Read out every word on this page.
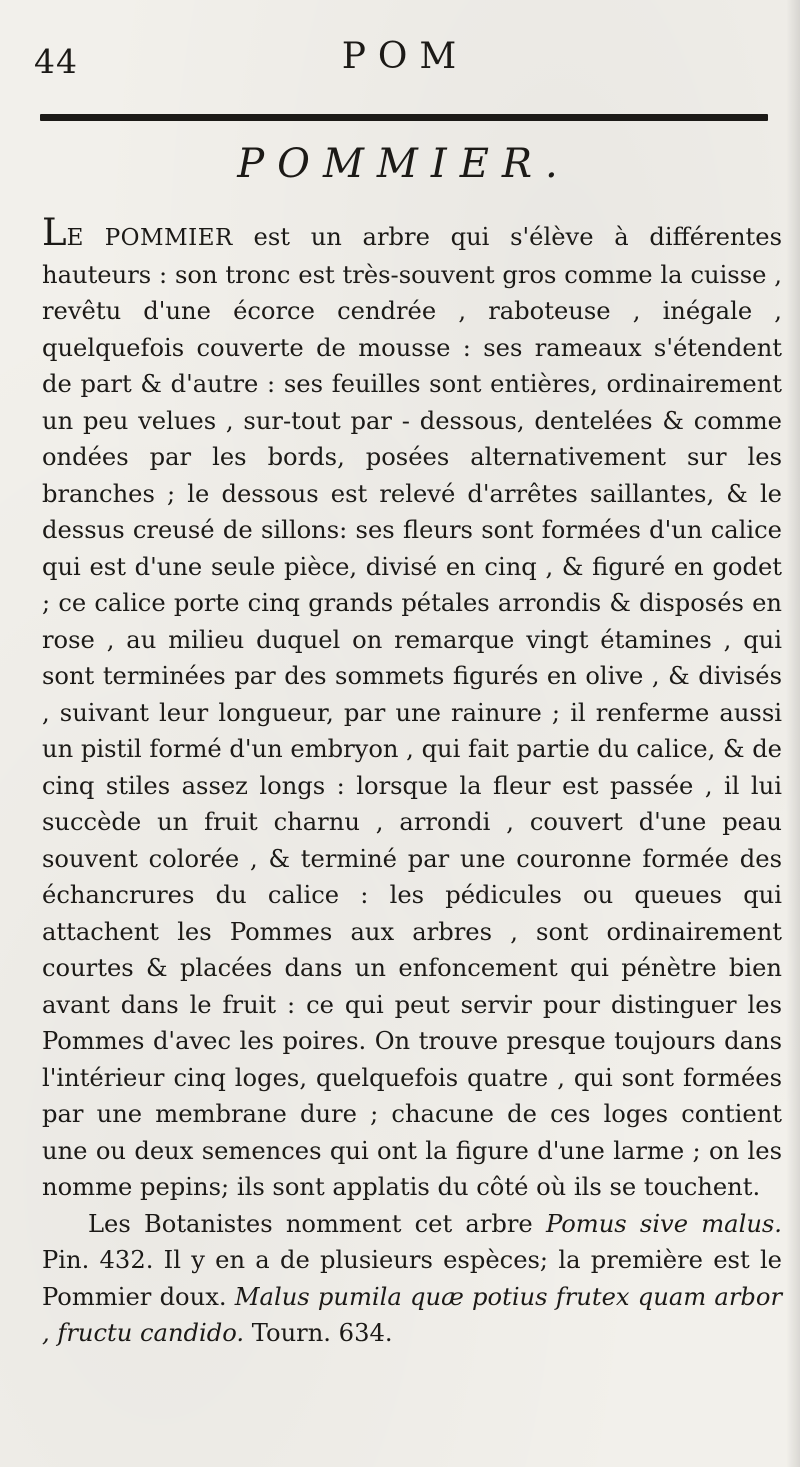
44	POM
POMMIER.

LE POMMIER est un arbre qui s'élève à différentes hauteurs : son tronc est très-souvent gros comme la cuisse , revêtu d'une écorce cendrée , raboteuse , inégale , quelquefois couverte de mousse : ses rameaux s'étendent de part & d'autre : ses feuilles sont entières, ordinairement un peu velues , sur-tout par - dessous, dentelées & comme ondées par les bords, posées alternativement sur les branches ; le dessous est relevé d'arrêtes saillantes, & le dessus creusé de sillons: ses fleurs sont formées d'un calice qui est d'une seule pièce, divisé en cinq , & figuré en godet ; ce calice porte cinq grands pétales arrondis & disposés en rose , au milieu duquel on remarque vingt étamines , qui sont terminées par des sommets figurés en olive , & divisés , suivant leur longueur, par une rainure ; il renferme aussi un pistil formé d'un embryon , qui fait partie du calice, & de cinq stiles assez longs : lorsque la fleur est passée , il lui succède un fruit charnu , arrondi , couvert d'une peau souvent colorée , & terminé par une couronne formée des échancrures du calice : les pédicules ou queues qui attachent les Pommes aux arbres , sont ordinairement courtes & placées dans un enfoncement qui pénètre bien avant dans le fruit : ce qui peut servir pour distinguer les Pommes d'avec les poires. On trouve presque toujours dans l'intérieur cinq loges, quelquefois quatre , qui sont formées par une membrane dure ; chacune de ces loges contient une ou deux semences qui ont la figure d'une larme ; on les nomme pepins; ils sont applatis du côté où ils se touchent.

Les Botanistes nomment cet arbre Pomus sive malus. Pin. 432. Il y en a de plusieurs espèces; la première est le Pommier doux. Malus pumila quæ potius frutex quam arbor , fructu candido. Tourn. 634.
